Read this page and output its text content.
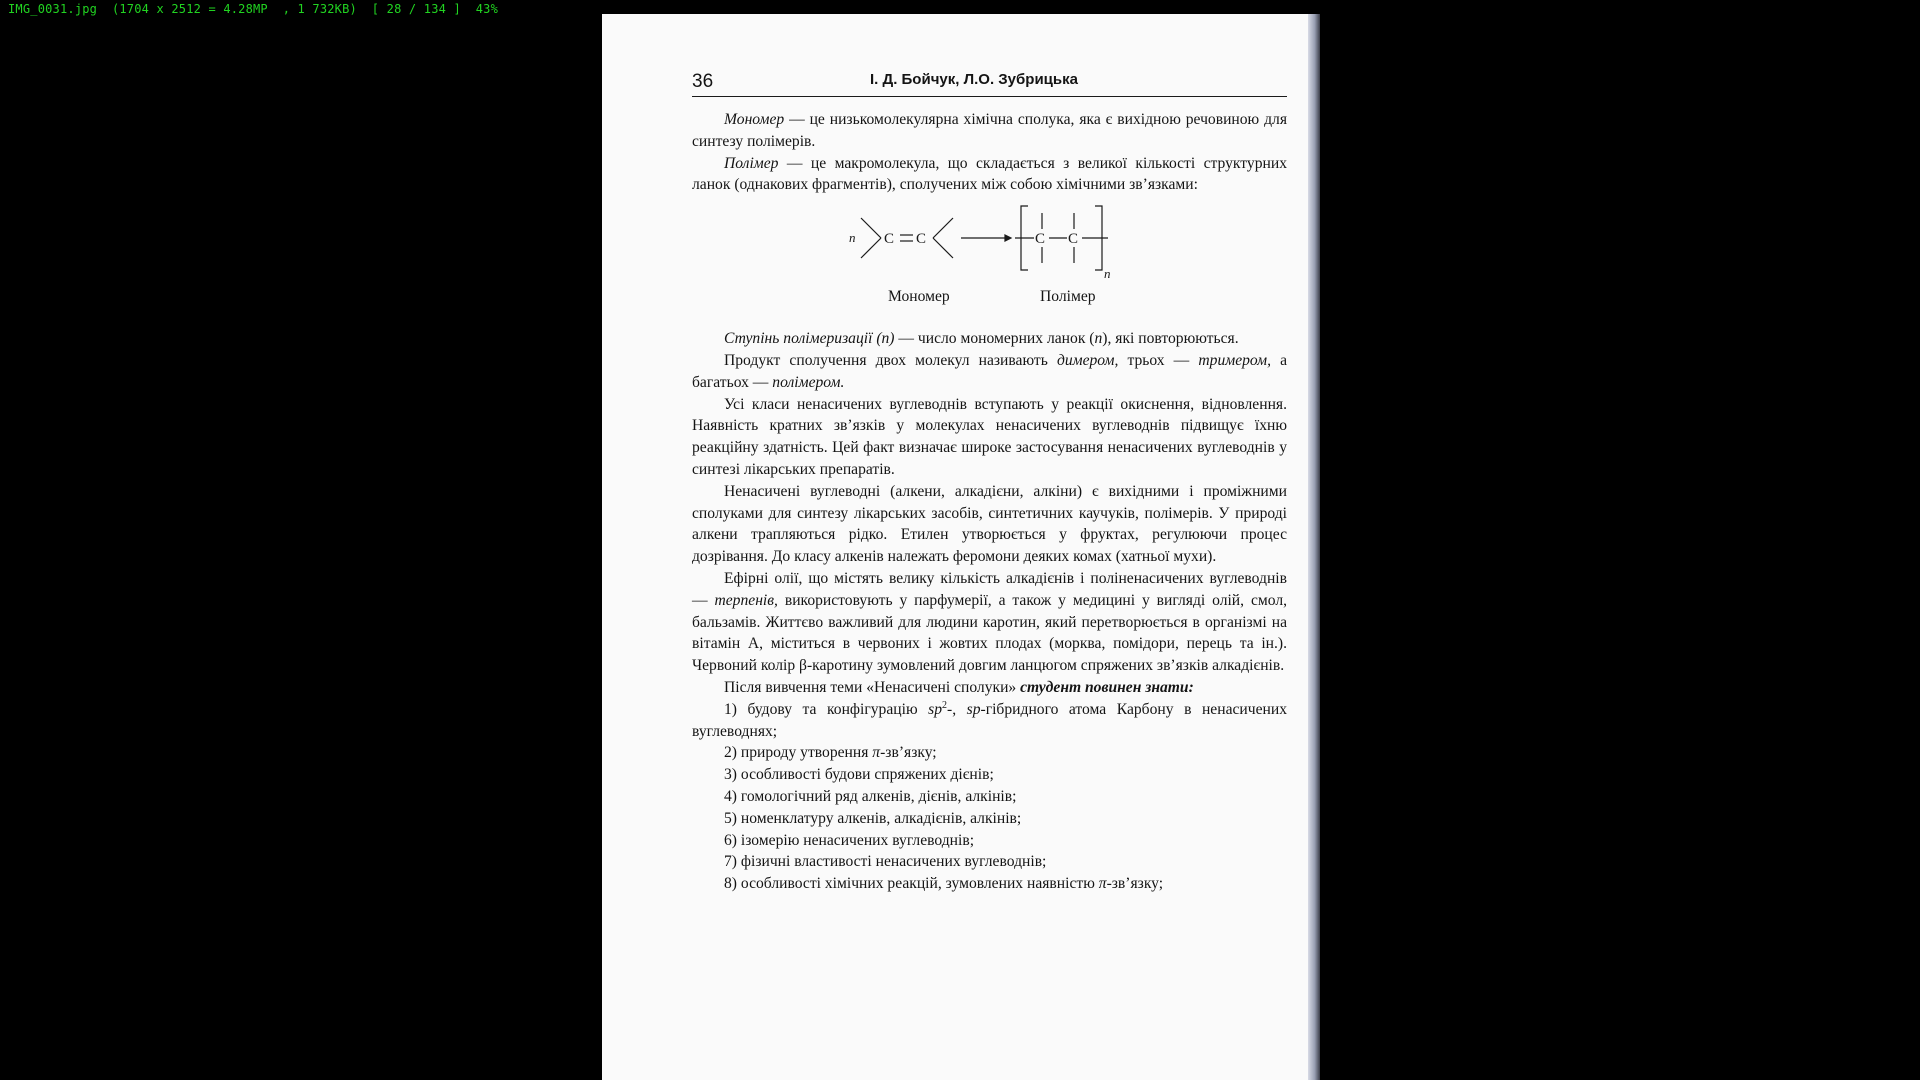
IMG_0031.jpg  (1704 x 2512 = 4.28MP  , 1 732KB)  [ 28 / 134 ]  43%
36	І. Д. Бойчук, Л.О. Зубрицька

Мономер — це низькомолекулярна хімічна сполука, яка є вихідною речовиною для синтезу полімерів.

Полімер — це макромолекула, що складається з великої кількості структурних ланок (однакових фрагментів), сполучених між собою хімічними зв’язками:

n C C	C C
n
Мономер	Полімер

Ступінь полімеризації (n) — число мономерних ланок (n), які повторюються.

Продукт сполучення двох молекул називають димером, трьох — тримером, а багатьох — полімером.

Усі класи ненасичених вуглеводнів вступають у реакції окиснення, відновлення. Наявність кратних зв’язків у молекулах ненасичених вуглеводнів підвищує їхню реакційну здатність. Цей факт визначає широке застосування ненасичених вуглеводнів у синтезі лікарських препаратів.

Ненасичені вуглеводні (алкени, алкадієни, алкіни) є вихідними і проміжними сполуками для синтезу лікарських засобів, синтетичних каучуків, полімерів. У природі алкени трапляються рідко. Етилен утворюється у фруктах, регулюючи процес дозрівання. До класу алкенів належать феромони деяких комах (хатньої мухи).

Ефірні олії, що містять велику кількість алкадієнів і поліненасичених вуглеводнів — терпенів, використовують у парфумерії, а також у медицині у вигляді олій, смол, бальзамів. Життєво важливий для людини каротин, який перетворюється в організмі на вітамін А, міститься в червоних і жовтих плодах (морква, помідори, перець та ін.). Червоний колір β-каротину зумовлений довгим ланцюгом спряжених зв’язків алкадієнів.

Після вивчення теми «Ненасичені сполуки» студент повинен знати:

1) будову та конфігурацію $sp^2-$, sp-гібридного атома Карбону в ненасичених вуглеводнях;

2) природу утворення π-зв’язку;

3) особливості будови спряжених дієнів;

4) гомологічний ряд алкенів, дієнів, алкінів;

5) номенклатуру алкенів, алкадієнів, алкінів;

6) ізомерію ненасичених вуглеводнів;

7) фізичні властивості ненасичених вуглеводнів;

8) особливості хімічних реакцій, зумовлених наявністю π-зв’язку;
